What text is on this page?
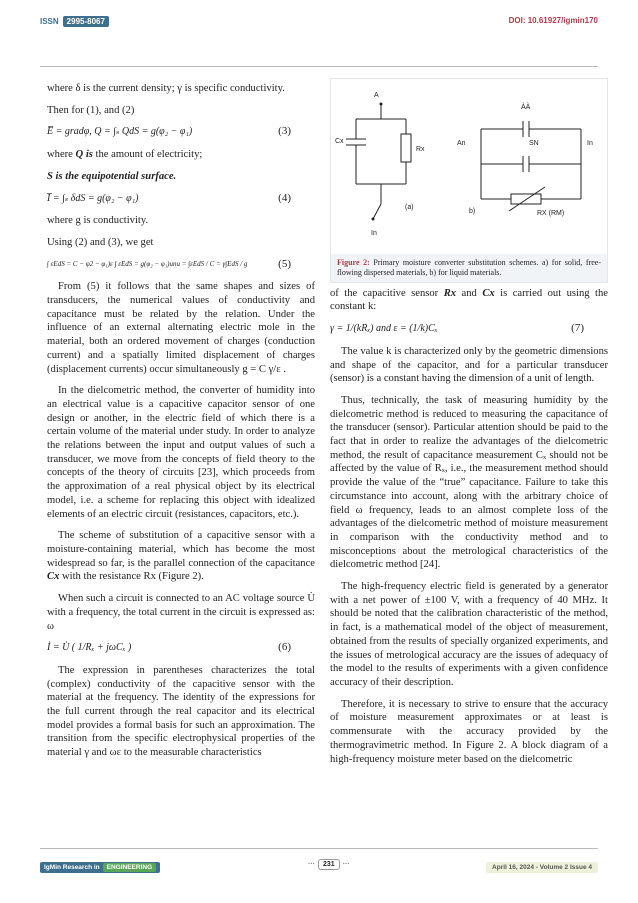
ISSN 2995-8067	DOI: 10.61927/igmin170

where δ is the current density; γ is specific conductivity.

Then for (1), and (2)

E̅ = gradφ, Q = ∫ₛ QdS = g(φ₂ − φ₁)	(3)

where Q is the amount of electricity;

S is the equipotential surface.

I̅ = ∫ₛ δdS = g(φ₂ − φ₁)	(4)

where g is conductivity.

Using (2) and (3), we get

∫ εEdS = C − φ2 − φ₁)ε ∫ εEdS = g(φ₂ − φ₁)unu = ∫εEdS / C = γ∫EdS / g	(5)

From (5) it follows that the same shapes and sizes of transducers, the numerical values of conductivity and capacitance must be related by the relation. Under the influence of an external alternating electric mole in the material, both an ordered movement of charges (conduction current) and a spatially limited displacement of charges (displacement currents) occur simultaneously g = C γ/ε .

In the dielcometric method, the converter of humidity into an electrical value is a capacitive capacitor sensor of one design or another, in the electric field of which there is a certain volume of the material under study. In order to analyze the relations between the input and output values of such a transducer, we move from the concepts of field theory to the concepts of the theory of circuits [23], which proceeds from the approximation of a real physical object by its electrical model, i.e. a scheme for replacing this object with idealized elements of an electric circuit (resistances, capacitors, etc.).

The scheme of substitution of a capacitive sensor with a moisture-containing material, which has become the most widespread so far, is the parallel connection of the capacitance Cx with the resistance Rx (Figure 2).

When such a circuit is connected to an AC voltage source U̇ with a frequency, the total current in the circuit is expressed as: ω

İ = U̇ ( 1/Rₓ + jωCₓ )	(6)

The expression in parentheses characterizes the total (complex) conductivity of the capacitive sensor with the material at the frequency. The identity of the expressions for the full current through the real capacitor and its electrical model provides a formal basis for such an approximation. The transition from the specific electrophysical properties of the material γ and ωε to the measurable characteristics

A
Cx
Rx
In
(a)
ÀÀ
An	SN	In
b)	RX (RM)
Figure 2: Primary moisture converter substitution schemes. a) for solid, free-flowing dispersed materials, b) for liquid materials.

of the capacitive sensor Rx and Cx is carried out using the constant k:

γ = 1/(kRₓ) and ε = (1/k)Cₓ	(7)

The value k is characterized only by the geometric dimensions and shape of the capacitor, and for a particular transducer (sensor) is a constant having the dimension of a unit of length.

Thus, technically, the task of measuring humidity by the dielcometric method is reduced to measuring the capacitance of the transducer (sensor). Particular attention should be paid to the fact that in order to realize the advantages of the dielcometric method, the result of capacitance measurement Cₓ should not be affected by the value of Rₓ, i.e., the measurement method should provide the value of the “true” capacitance. Failure to take this circumstance into account, along with the arbitrary choice of field ω frequency, leads to an almost complete loss of the advantages of the dielcometric method of moisture measurement in comparison with the conductivity method and to misconceptions about the metrological characteristics of the dielcometric method [24].

The high-frequency electric field is generated by a generator with a net power of ±100 V, with a frequency of 40 MHz. It should be noted that the calibration characteristic of the method, in fact, is a mathematical model of the object of measurement, obtained from the results of specially organized experiments, and the issues of metrological accuracy are the issues of adequacy of the model to the results of experiments with a given confidence accuracy of their description.

Therefore, it is necessary to strive to ensure that the accuracy of moisture measurement approximates or at least is commensurate with the accuracy provided by the thermogravimetric method. In Figure 2. A block diagram of a high-frequency moisture meter based on the dielcometric

IgMin Research in ENGINEERING	··· 231 ···	April 16, 2024 - Volume 2 Issue 4
